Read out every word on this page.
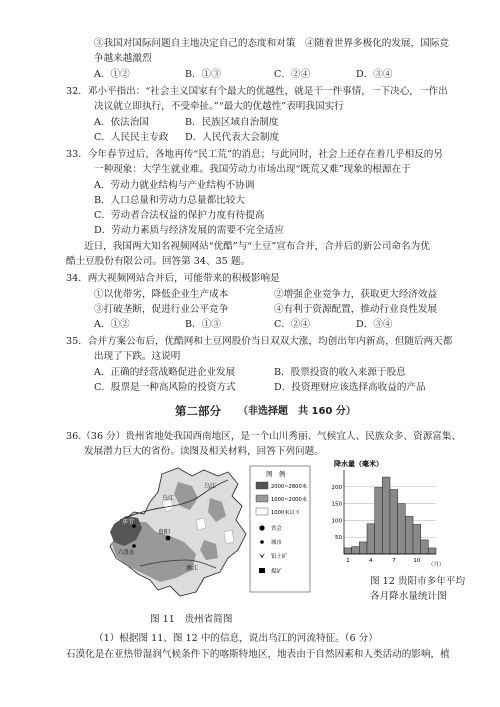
③我国对国际问题自主地决定自己的态度和对策　④随着世界多极化的发展，国际竞
争越来越激烈
A．①②	B．①③	C．②④	D．③④
32．邓小平指出：“社会主义国家有个最大的优越性，就是干一件事情，一下决心，一作出
决议就立即执行，不受牵扯。”“最大的优越性”表明我国实行
A．依法治国	B．民族区域自治制度
C．人民民主专政 D．人民代表大会制度
33．今年春节过后，各地再传“民工荒”的消息；与此同时，社会上还存在着几乎相反的另
一种现象：大学生就业难。我国劳动力市场出现“既荒又难”现象的根源在于
A．劳动力就业结构与产业结构不协调
B．人口总量和劳动力总量都比较大
C．劳动者合法权益的保护力度有待提高
D．劳动力素质与经济发展的需要不完全适应
近日，我国两大知名视频网站“优酷”与“土豆”宣布合并，合并后的新公司命名为优
酷土豆股份有限公司。回答第 34、35 题。
34．两大视频网站合并后，可能带来的积极影响是
①以优带劣，降低企业生产成本	②增强企业竞争力，获取更大经济效益
③打破垄断，促进行业公平竞争	④有利于资源配置，推动行业良性发展
A．①②	B．①③	C．②④	D．③④
35．合并方案公布后，优酷网和土豆网股价当日双双大涨，均创出年内新高，但随后两天都
出现了下跌。这说明
A．正确的经营战略促进企业发展	B．股票投资的收入来源于股息
C．股票是一种高风险的投资方式	D．投资理财应该选择高收益的产品
第二部分 （非选择题　共 160 分）
36.（36 分）贵州省地处我国西南地区，是一个山川秀丽、气候宜人、民族众多、资源富集、
发展潜力巨大的省份。读图及相关材料，回答下列问题。
乌江
毕节
六盘水
贵阳
乌江
南江
图　例
2000~2800米
1000~2000米
1000米以下
省会
城市
铝土矿
煤矿
图 11　贵州省简图
降水量（毫米）
50
100
150
200
1	4	7	10
（月）
图 12 贵阳市多年平均
各月降水量统计图
（1）根据图 11、图 12 中的信息，说出乌江的河流特征。（6 分）
石漠化是在亚热带湿润气候条件下的喀斯特地区，地表由于自然因素和人类活动的影响，植
